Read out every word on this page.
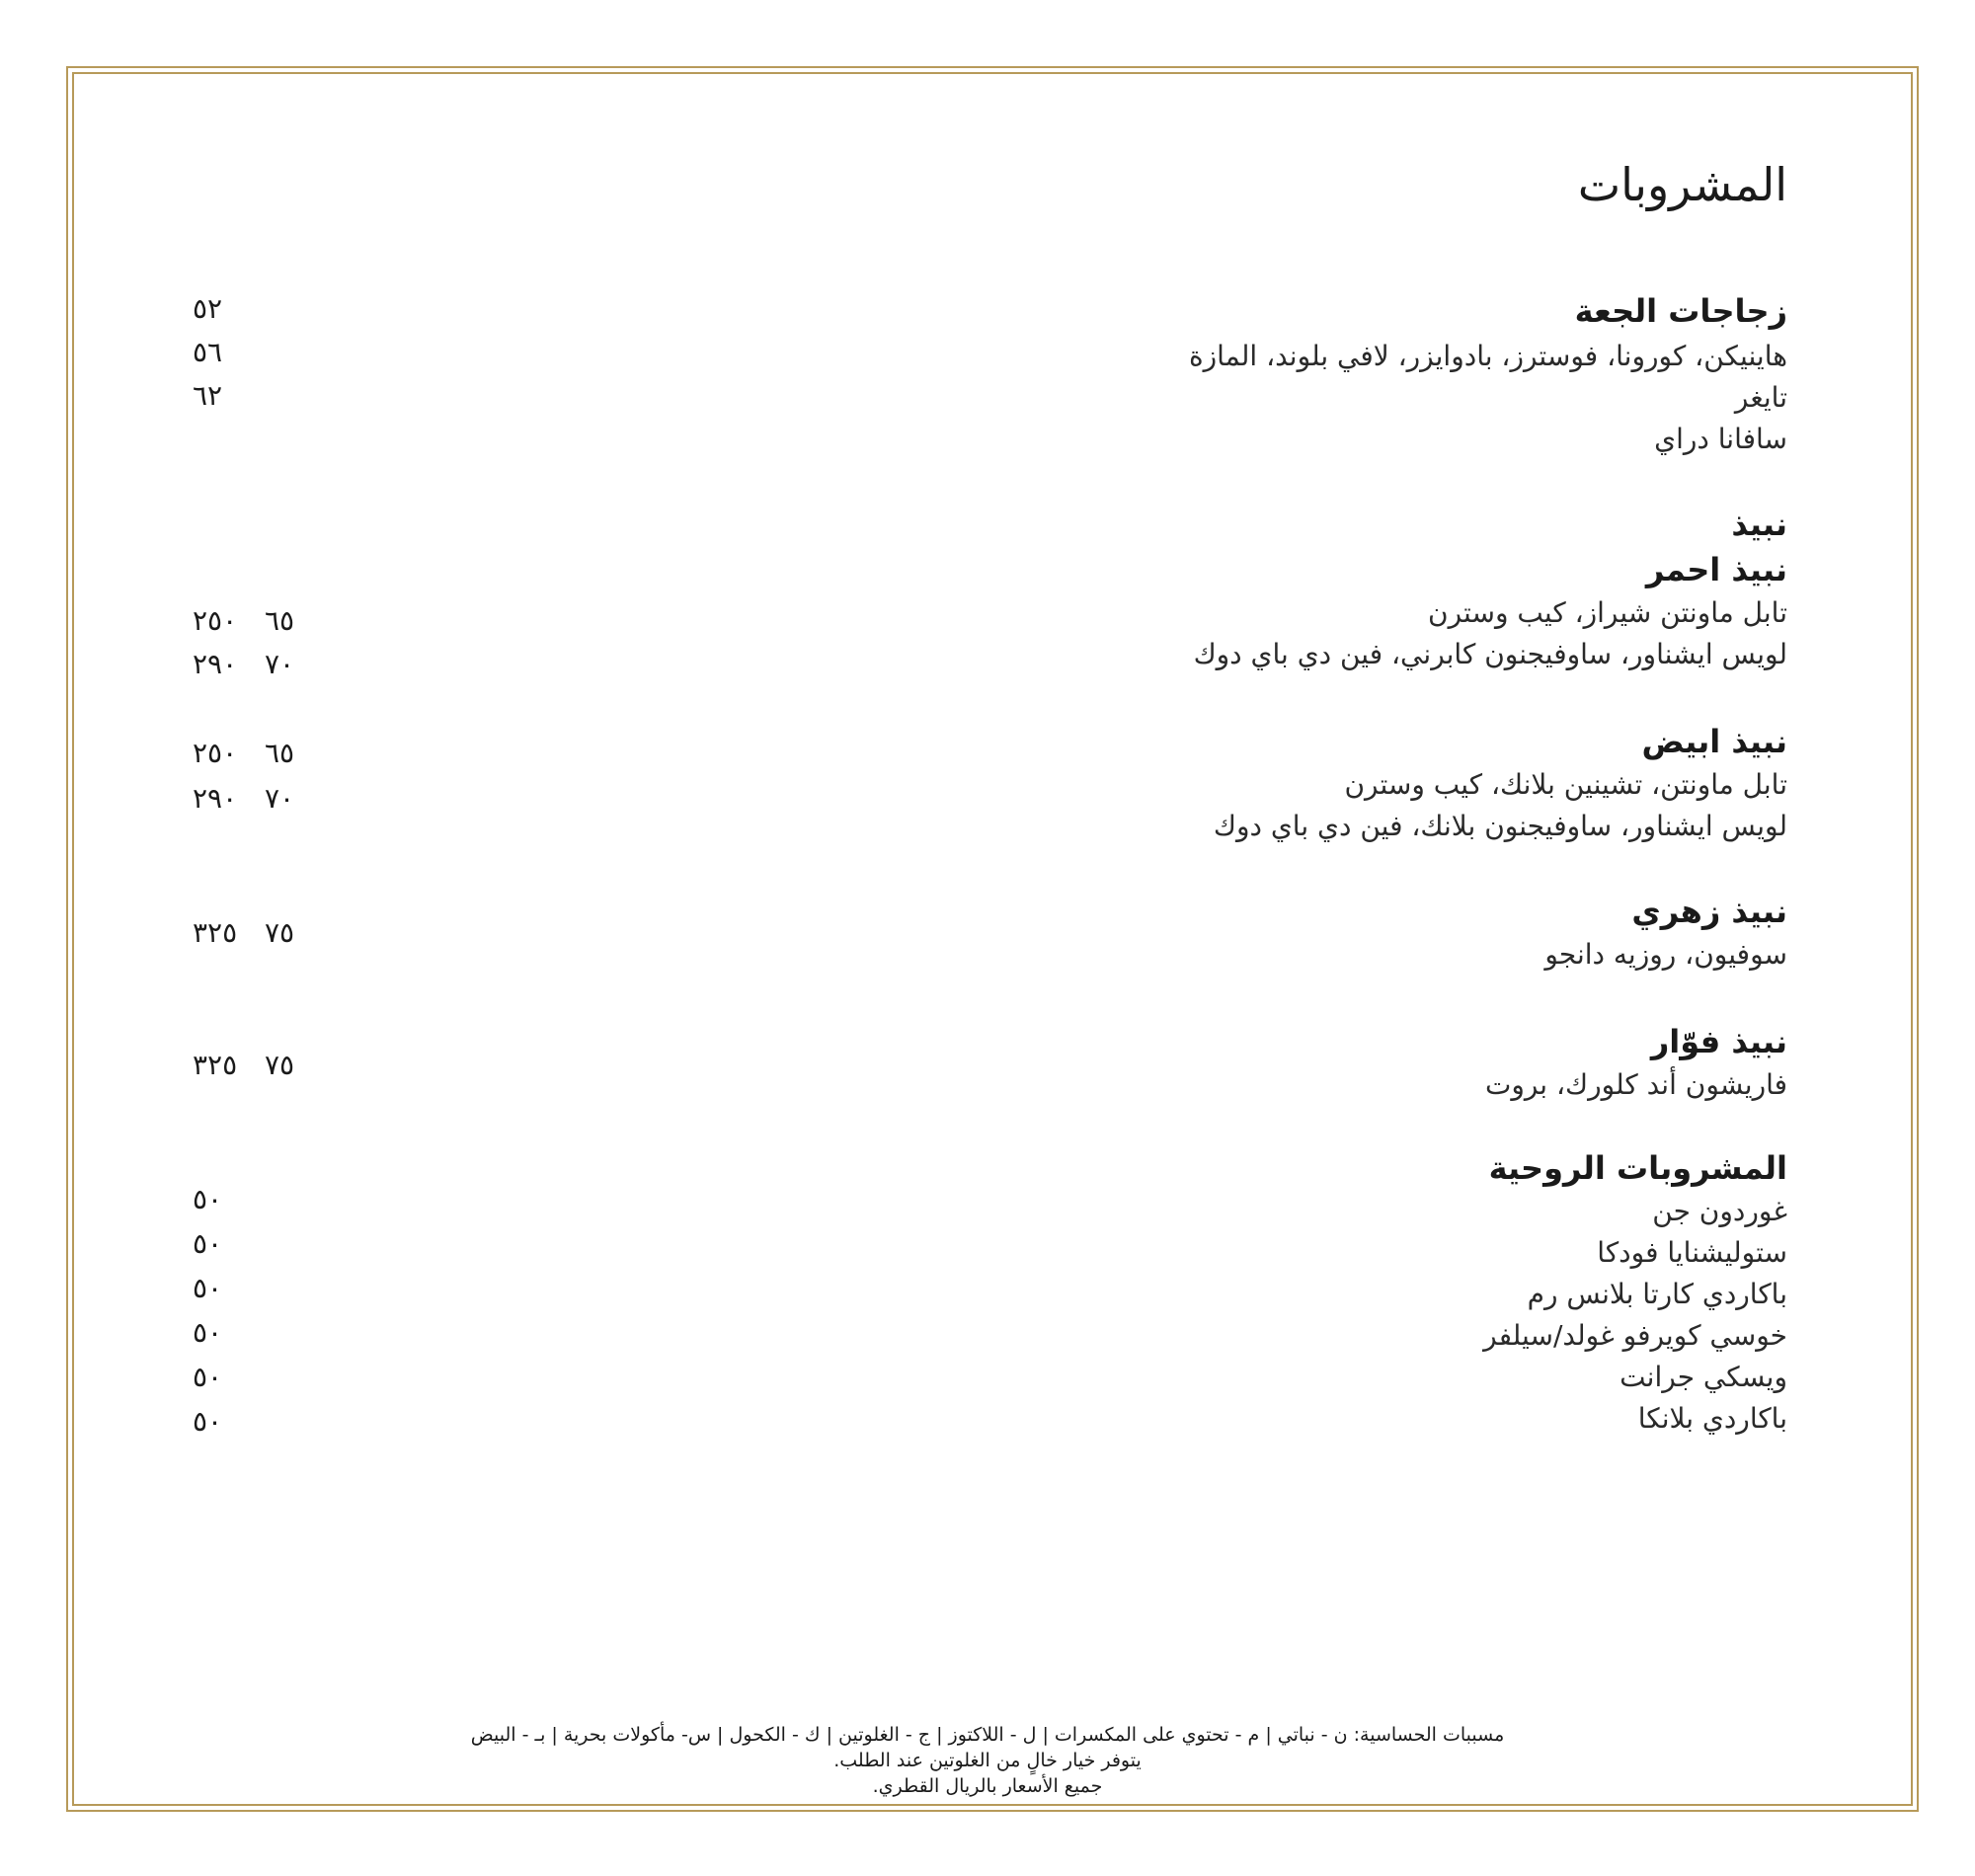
المشروبات
زجاجات الجعة
هاينيكن، كورونا، فوسترز، بادوايزر، لافي بلوند، المازة
تايغر
سافانا دراي
٥٢
٥٦
٦٢
نبيذ
نبيذ احمر
تابل ماونتن شيراز، كيب وسترن
لويس ايشناور، ساوفيجنون كابرني، فين دي باي دوك
٢٥٠ ٦٥
٢٩٠ ٧٠
نبيذ ابيض
تابل ماونتن، تشينين بلانك، كيب وسترن
لويس ايشناور، ساوفيجنون بلانك، فين دي باي دوك
٢٥٠ ٦٥
٢٩٠ ٧٠
نبيذ زهري
سوفيون، روزيه دانجو
٣٢٥ ٧٥
نبيذ فوّار
فاريشون أند كلورك، بروت
٣٢٥ ٧٥
المشروبات الروحية
غوردون جن
ستوليشنايا فودكا
باكاردي كارتا بلانس رم
خوسي كويرفو غولد/سيلفر
ويسكي جرانت
باكاردي بلانكا
٥٠
٥٠
٥٠
٥٠
٥٠
٥٠
مسببات الحساسية: ن - نباتي | م - تحتوي على المكسرات | ل - اللاكتوز | ج - الغلوتين | ك - الكحول | س- مأكولات بحرية | بـ - البيض
يتوفر خيار خالٍ من الغلوتين عند الطلب.
جميع الأسعار بالريال القطري.
